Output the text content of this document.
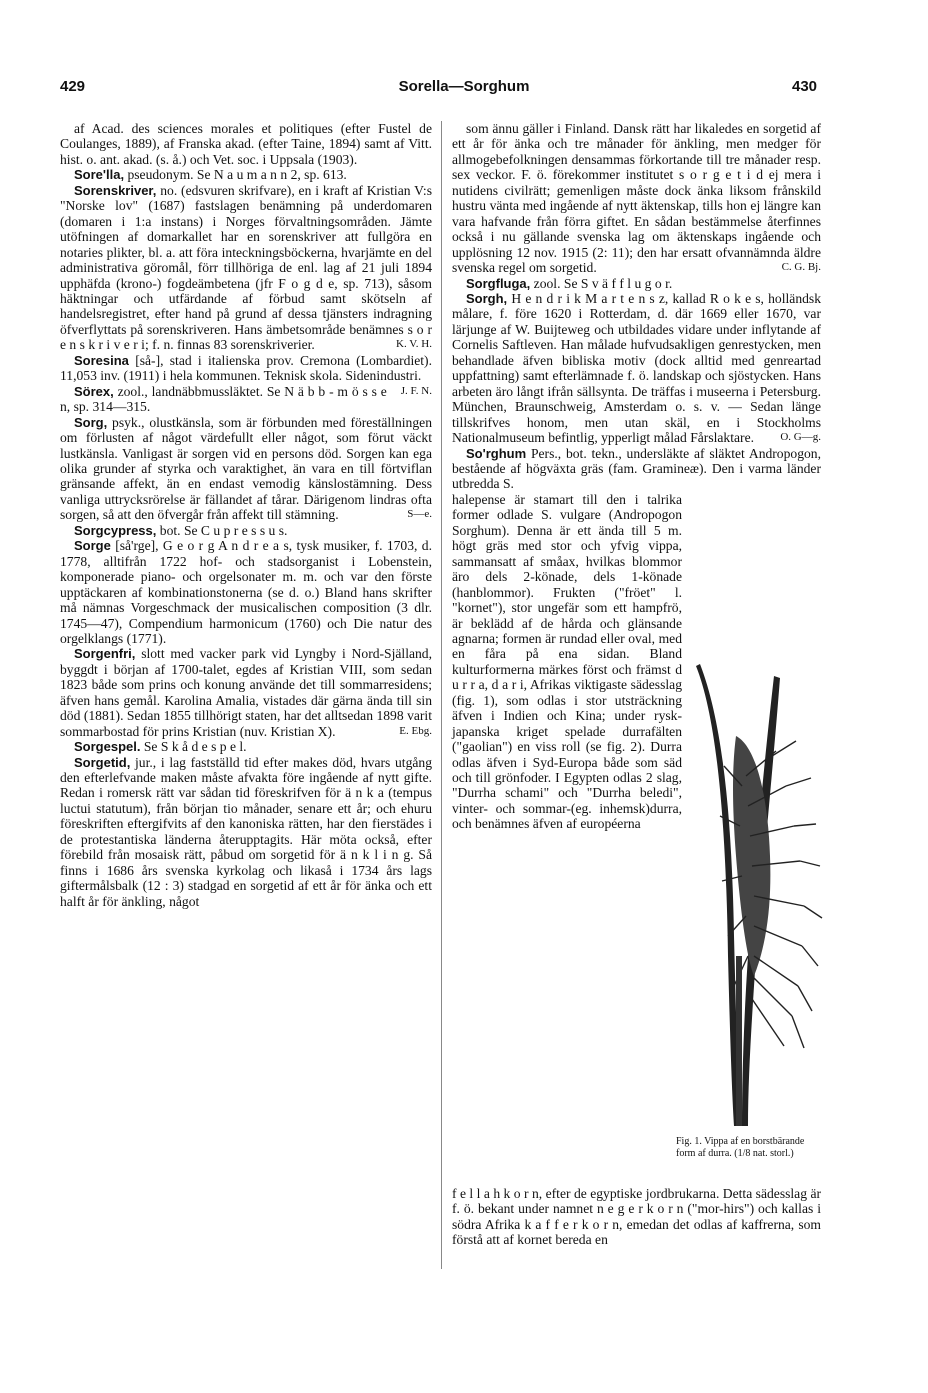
429	Sorella—Sorghum	430

af Acad. des sciences morales et politiques (efter Fustel de Coulanges, 1889), af Franska akad. (efter Taine, 1894) samt af Vitt. hist. o. ant. akad. (s. å.) och Vet. soc. i Uppsala (1903).

Sore'lla, pseudonym. Se N a u m a n n 2, sp. 613.

Sorenskriver, no. (edsvuren skrifvare), en i kraft af Kristian V:s "Norske lov" (1687) fastslagen benämning på underdomaren (domaren i 1:a instans) i Norges förvaltningsområden. Jämte utöfningen af domarkallet har en sorenskriver att fullgöra en notaries plikter, bl. a. att föra inteckningsböckerna, hvarjämte en del administrativa göromål, förr tillhöriga de enl. lag af 21 juli 1894 upphäfda (krono-) fogdeämbetena (jfr F o g d e, sp. 713), såsom häktningar och utfärdande af förbud samt skötseln af handelsregistret, efter hand på grund af dessa tjänsters indragning öfverflyttats på sorenskriveren. Hans ämbetsområde benämnes s o r e n s k r i v e r i; f. n. finnas 83 sorenskriverier.	K. V. H.

Soresina [så-], stad i italienska prov. Cremona (Lombardiet). 11,053 inv. (1911) i hela kommunen. Teknisk skola. Sidenindustri.
J. F. N.

Sörex, zool., landnäbbmussläktet. Se N ä b b - m ö s s e n, sp. 314—315.

Sorg, psyk., olustkänsla, som är förbunden med föreställningen om förlusten af något värdefullt eller något, som förut väckt lustkänsla. Vanligast är sorgen vid en persons död. Sorgen kan ega olika grunder af styrka och varaktighet, än vara en till förtviflan gränsande affekt, än en endast vemodig känslostämning. Dess vanliga uttrycksrörelse är fällandet af tårar. Därigenom lindras ofta sorgen, så att den öfvergår från affekt till stämning.	S—e.

Sorgcypress, bot. Se C u p r e s s u s.

Sorge [så'rge], G e o r g A n d r e a s, tysk musiker, f. 1703, d. 1778, alltifrån 1722 hof- och stadsorganist i Lobenstein, komponerade piano- och orgelsonater m. m. och var den förste upptäckaren af kombinationstonerna (se d. o.) Bland hans skrifter må nämnas Vorgeschmack der musicalischen composition (3 dlr. 1745—47), Compendium harmonicum (1760) och Die natur des orgelklangs (1771).

Sorgenfri, slott med vacker park vid Lyngby i Nord-Själland, byggdt i början af 1700-talet, egdes af Kristian VIII, som sedan 1823 både som prins och konung använde det till sommarresidens; äfven hans gemål. Karolina Amalia, vistades där gärna ända till sin död (1881). Sedan 1855 tillhörigt staten, har det alltsedan 1898 varit sommarbostad för prins Kristian (nuv. Kristian X).	E. Ebg.

Sorgespel. Se S k å d e s p e l.

Sorgetid, jur., i lag fastställd tid efter makes död, hvars utgång den efterlefvande maken måste afvakta före ingående af nytt gifte. Redan i romersk rätt var sådan tid föreskrifven för ä n k a (tempus luctui statutum), från början tio månader, senare ett år; och ehuru föreskriften eftergifvits af den kanoniska rätten, har den fierstädes i de protestantiska länderna återupptagits. Här möta också, efter förebild från mosaisk rätt, påbud om sorgetid för ä n k l i n g. Så finns i 1686 års svenska kyrkolag och likaså i 1734 års lags giftermålsbalk (12 : 3) stadgad en sorgetid af ett år för änka och ett halft år för änkling, något

som ännu gäller i Finland. Dansk rätt har likaledes en sorgetid af ett år för änka och tre månader för änkling, men medger för allmogebefolkningen densammas förkortande till tre månader resp. sex veckor. F. ö. förekommer institutet s o r g e t i d ej mera i nutidens civilrätt; gemenligen måste dock änka liksom frånskild hustru vänta med ingående af nytt äktenskap, tills hon ej längre kan vara hafvande från förra giftet. En sådan bestämmelse återfinnes också i nu gällande svenska lag om äktenskaps ingående och upplösning 12 nov. 1915 (2: 11); den har ersatt ofvannämnda äldre svenska regel om sorgetid.	C. G. Bj.

Sorgfluga, zool. Se S v ä f f l u g o r.

Sorgh, H e n d r i k M a r t e n s z, kallad R o k e s, holländsk målare, f. före 1620 i Rotterdam, d. där 1669 eller 1670, var lärjunge af W. Buijteweg och utbildades vidare under inflytande af Cornelis Saftleven. Han målade hufvudsakligen genrestycken, men behandlade äfven bibliska motiv (dock alltid med genreartad uppfattning) samt efterlämnade f. ö. landskap och sjöstycken. Hans arbeten äro långt ifrån sällsynta. De träffas i museerna i Petersburg. München, Braunschweig, Amsterdam o. s. v. — Sedan länge tillskrifves honom, men utan skäl, en i Stockholms Nationalmuseum befintlig, ypperligt målad Fårslaktare.	O. G—g.

So'rghum Pers., bot. tekn., undersläkte af släktet Andropogon, bestående af högväxta gräs (fam. Gramineæ). Den i varma länder utbredda S.

halepense är stamart till den i talrika former odlade S. vulgare (Andropogon Sorghum). Denna är ett ända till 5 m. högt gräs med stor och yfvig vippa, sammansatt af småax, hvilkas blommor äro dels 2-könade, dels 1-könade (hanblommor). Frukten ("fröet" l. "kornet"), stor ungefär som ett hampfrö, är beklädd af de hårda och glänsande agnarna; formen är rundad eller oval, med en fåra på ena sidan. Bland kulturformerna märkes först och främst d u r r a, d a r i, Afrikas viktigaste sädesslag (fig. 1), som odlas i stor utsträckning äfven i Indien och Kina; under rysk-japanska kriget spelade durrafälten ("gaolian") en viss roll (se fig. 2). Durra odlas äfven i Syd-Europa både som säd och till grönfoder. I Egypten odlas 2 slag, "Durrha schami" och "Durrha beledi", vinter- och sommar-(eg. inhemsk)durra, och benämnes äfven af européerna
f e l l a h k o r n, efter de egyptiske jordbrukarna. Detta sädesslag är f. ö. bekant under namnet n e g e r k o r n ("mor-hirs") och kallas i södra Afrika k a f f e r k o r n, emedan det odlas af kaffrerna, som förstå att af kornet bereda en
Fig. 1. Vippa af en borstbärande form af durra. (1/8 nat. storl.)
